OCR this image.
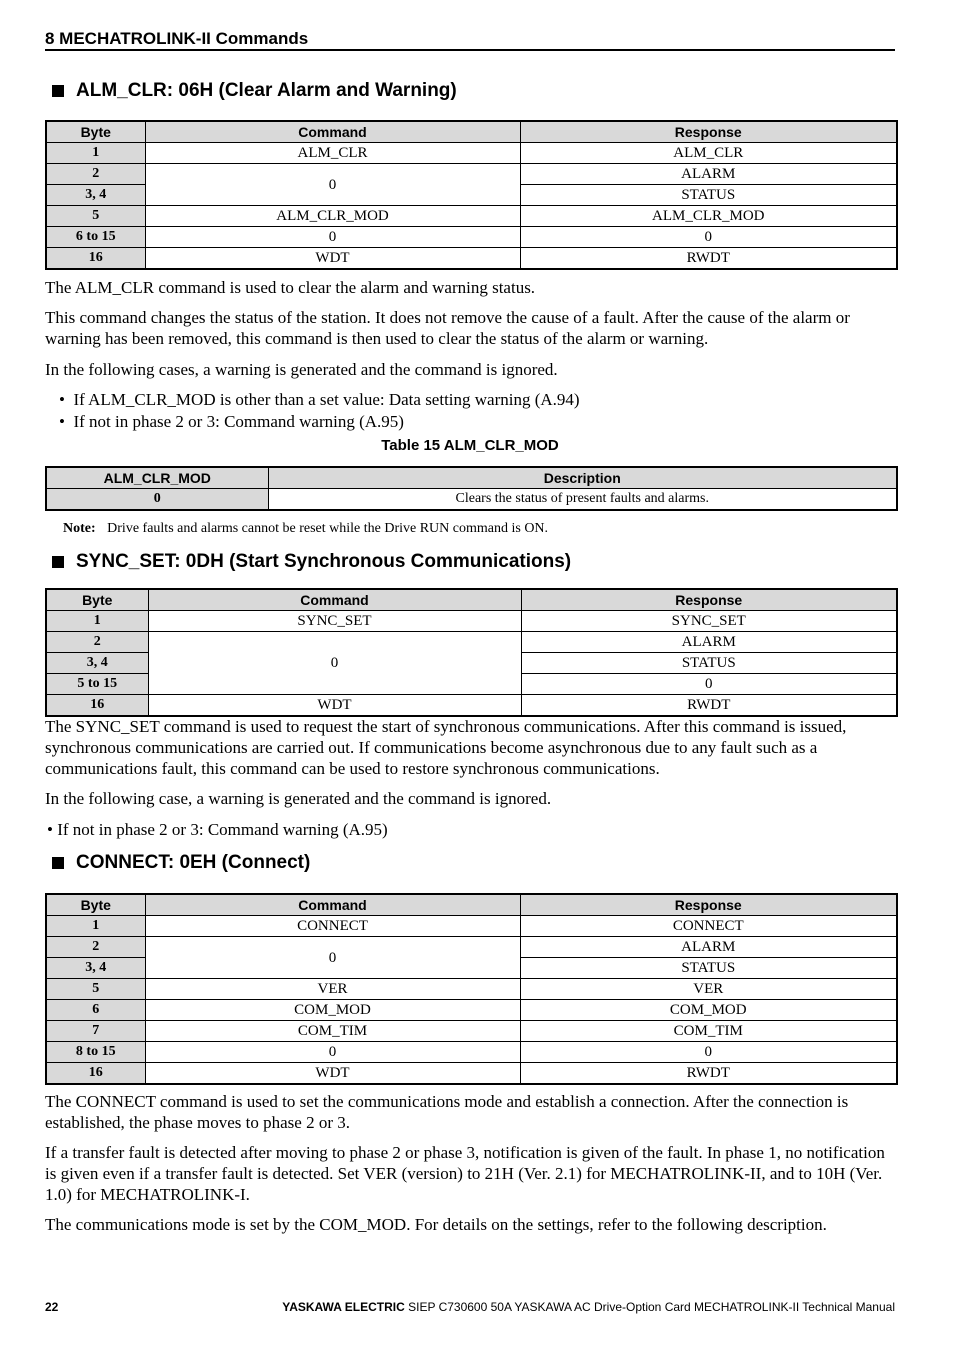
8 MECHATROLINK-II Commands
ALM_CLR: 06H (Clear Alarm and Warning)
Byte	Command	Response
1	ALM_CLR	ALM_CLR
2	0	ALARM
3, 4		STATUS
5	ALM_CLR_MOD	ALM_CLR_MOD
6 to 15	0	0
16	WDT	RWDT
The ALM_CLR command is used to clear the alarm and warning status.
This command changes the status of the station. It does not remove the cause of a fault. After the cause of the alarm or warning has been removed, this command is then used to clear the status of the alarm or warning.
In the following cases, a warning is generated and the command is ignored.
•  If ALM_CLR_MOD is other than a set value: Data setting warning (A.94)
•  If not in phase 2 or 3: Command warning (A.95)
Table 15 ALM_CLR_MOD
ALM_CLR_MOD	Description
0	Clears the status of present faults and alarms.
Note: Drive faults and alarms cannot be reset while the Drive RUN command is ON.
SYNC_SET: 0DH (Start Synchronous Communications)
Byte	Command	Response
1	SYNC_SET	SYNC_SET
2	0	ALARM
3, 4		STATUS
5 to 15		0
16	WDT	RWDT
The SYNC_SET command is used to request the start of synchronous communications. After this command is issued, synchronous communications are carried out. If communications become asynchronous due to any fault such as a communications fault, this command can be used to restore synchronous communications.
In the following case, a warning is generated and the command is ignored.
• If not in phase 2 or 3: Command warning (A.95)
CONNECT: 0EH (Connect)
Byte	Command	Response
1	CONNECT	CONNECT
2	0	ALARM
3, 4		STATUS
5	VER	VER
6	COM_MOD	COM_MOD
7	COM_TIM	COM_TIM
8 to 15	0	0
16	WDT	RWDT
The CONNECT command is used to set the communications mode and establish a connection. After the connection is established, the phase moves to phase 2 or 3.
If a transfer fault is detected after moving to phase 2 or phase 3, notification is given of the fault. In phase 1, no notification is given even if a transfer fault is detected. Set VER (version) to 21H (Ver. 2.1) for MECHATROLINK-II, and to 10H (Ver. 1.0) for MECHATROLINK-I.
The communications mode is set by the COM_MOD. For details on the settings, refer to the following description.
22	YASKAWA ELECTRIC SIEP C730600 50A YASKAWA AC Drive-Option Card MECHATROLINK-II Technical Manual
